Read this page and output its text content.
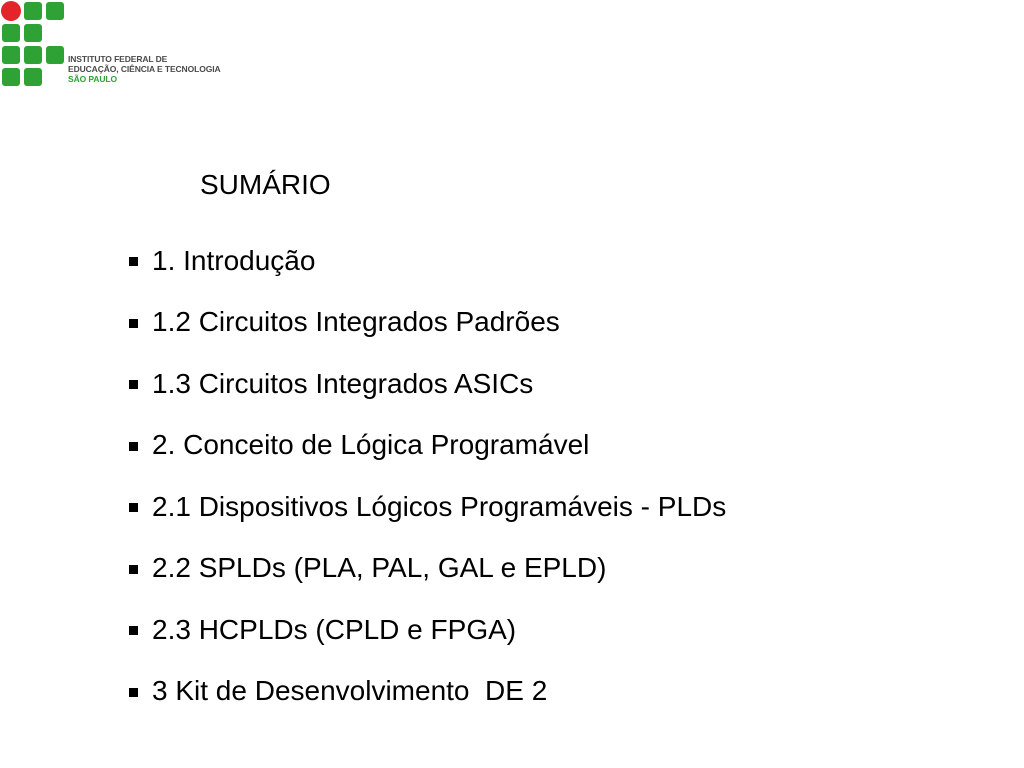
INSTITUTO FEDERAL DE
EDUCAÇÃO, CIÊNCIA E TECNOLOGIA
SÃO PAULO
SUMÁRIO
1. Introdução
1.2 Circuitos Integrados Padrões
1.3 Circuitos Integrados ASICs
2. Conceito de Lógica Programável
2.1 Dispositivos Lógicos Programáveis - PLDs
2.2 SPLDs (PLA, PAL, GAL e EPLD)
2.3 HCPLDs (CPLD e FPGA)
3 Kit de Desenvolvimento  DE 2
